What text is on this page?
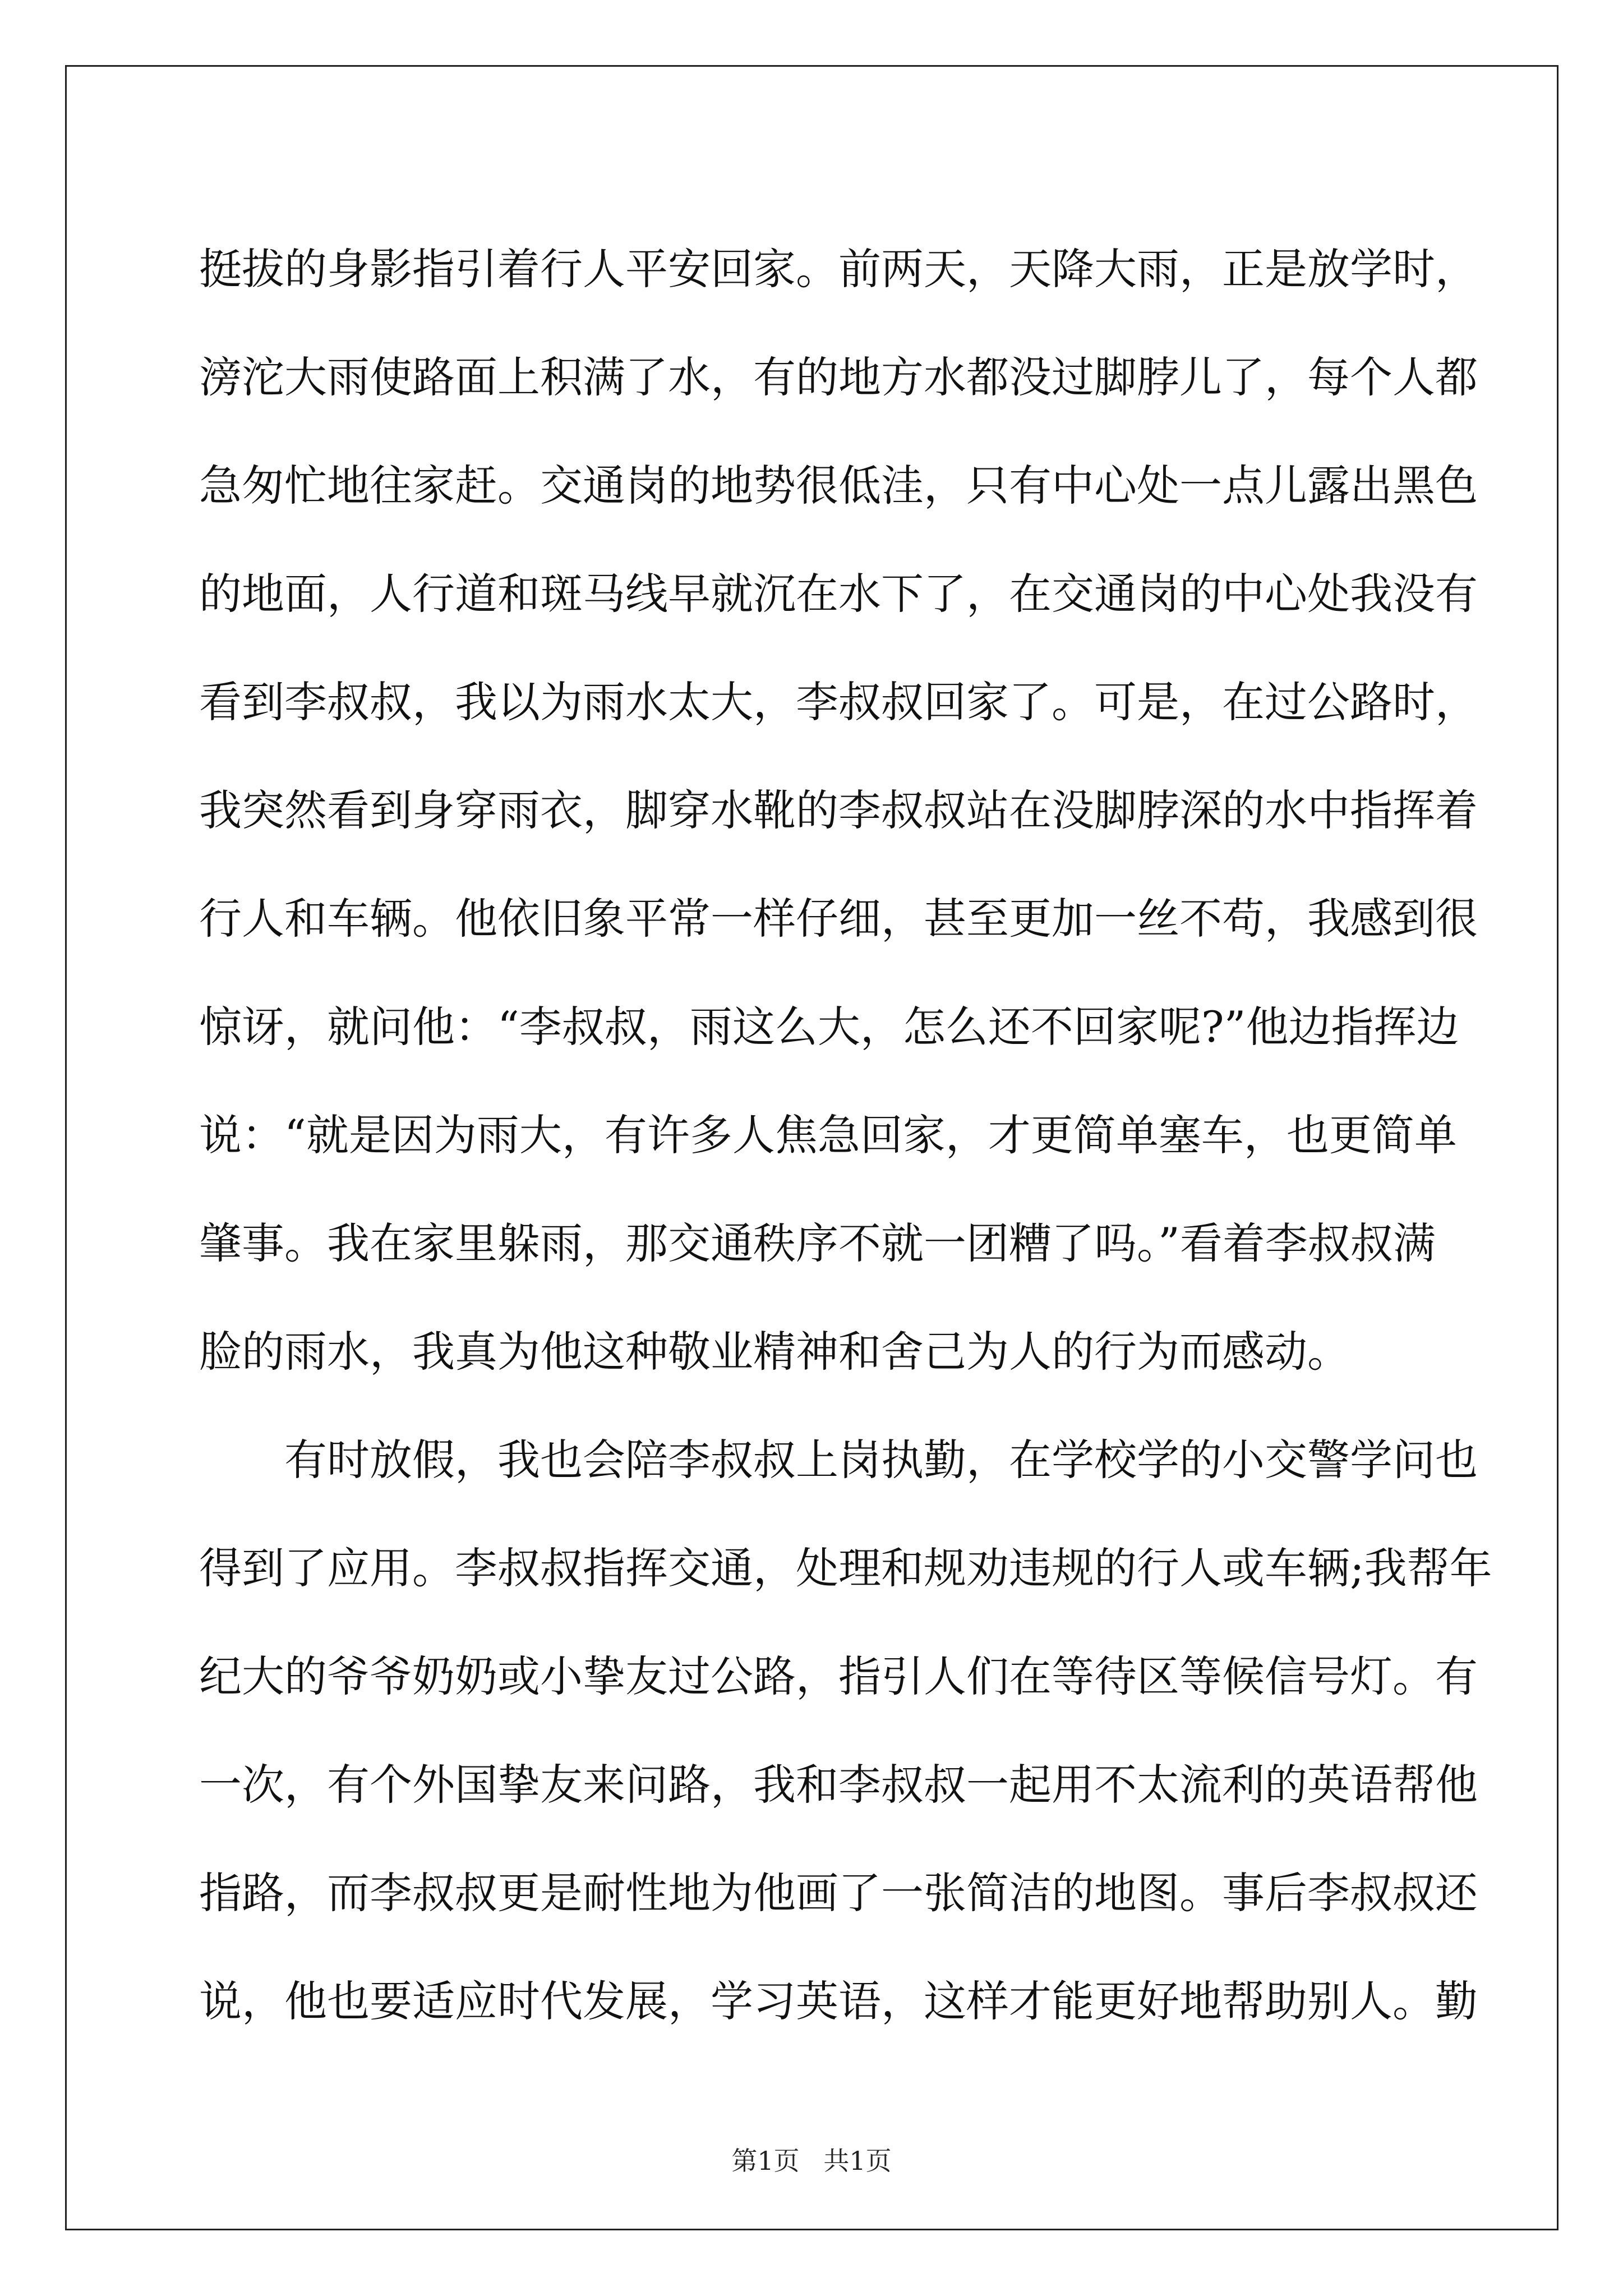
挺拔的身影指引着行人平安回家。前两天，天降大雨，正是放学时，
滂沱大雨使路面上积满了水，有的地方水都没过脚脖儿了，每个人都
急匆忙地往家赶。交通岗的地势很低洼，只有中心处一点儿露出黑色
的地面，人行道和斑马线早就沉在水下了，在交通岗的中心处我没有
看到李叔叔，我以为雨水太大，李叔叔回家了。可是，在过公路时，
我突然看到身穿雨衣，脚穿水靴的李叔叔站在没脚脖深的水中指挥着
行人和车辆。他依旧象平常一样仔细，甚至更加一丝不苟，我感到很
惊讶，就问他：“李叔叔，雨这么大，怎么还不回家呢?”他边指挥边
说：“就是因为雨大，有许多人焦急回家，才更简单塞车，也更简单
肇事。我在家里躲雨，那交通秩序不就一团糟了吗。”看着李叔叔满
脸的雨水，我真为他这种敬业精神和舍己为人的行为而感动。
有时放假，我也会陪李叔叔上岗执勤，在学校学的小交警学问也
得到了应用。李叔叔指挥交通，处理和规劝违规的行人或车辆;我帮年
纪大的爷爷奶奶或小挚友过公路，指引人们在等待区等候信号灯。有
一次，有个外国挚友来问路，我和李叔叔一起用不太流利的英语帮他
指路，而李叔叔更是耐性地为他画了一张简洁的地图。事后李叔叔还
说，他也要适应时代发展，学习英语，这样才能更好地帮助别人。勤
第1页 共1页
